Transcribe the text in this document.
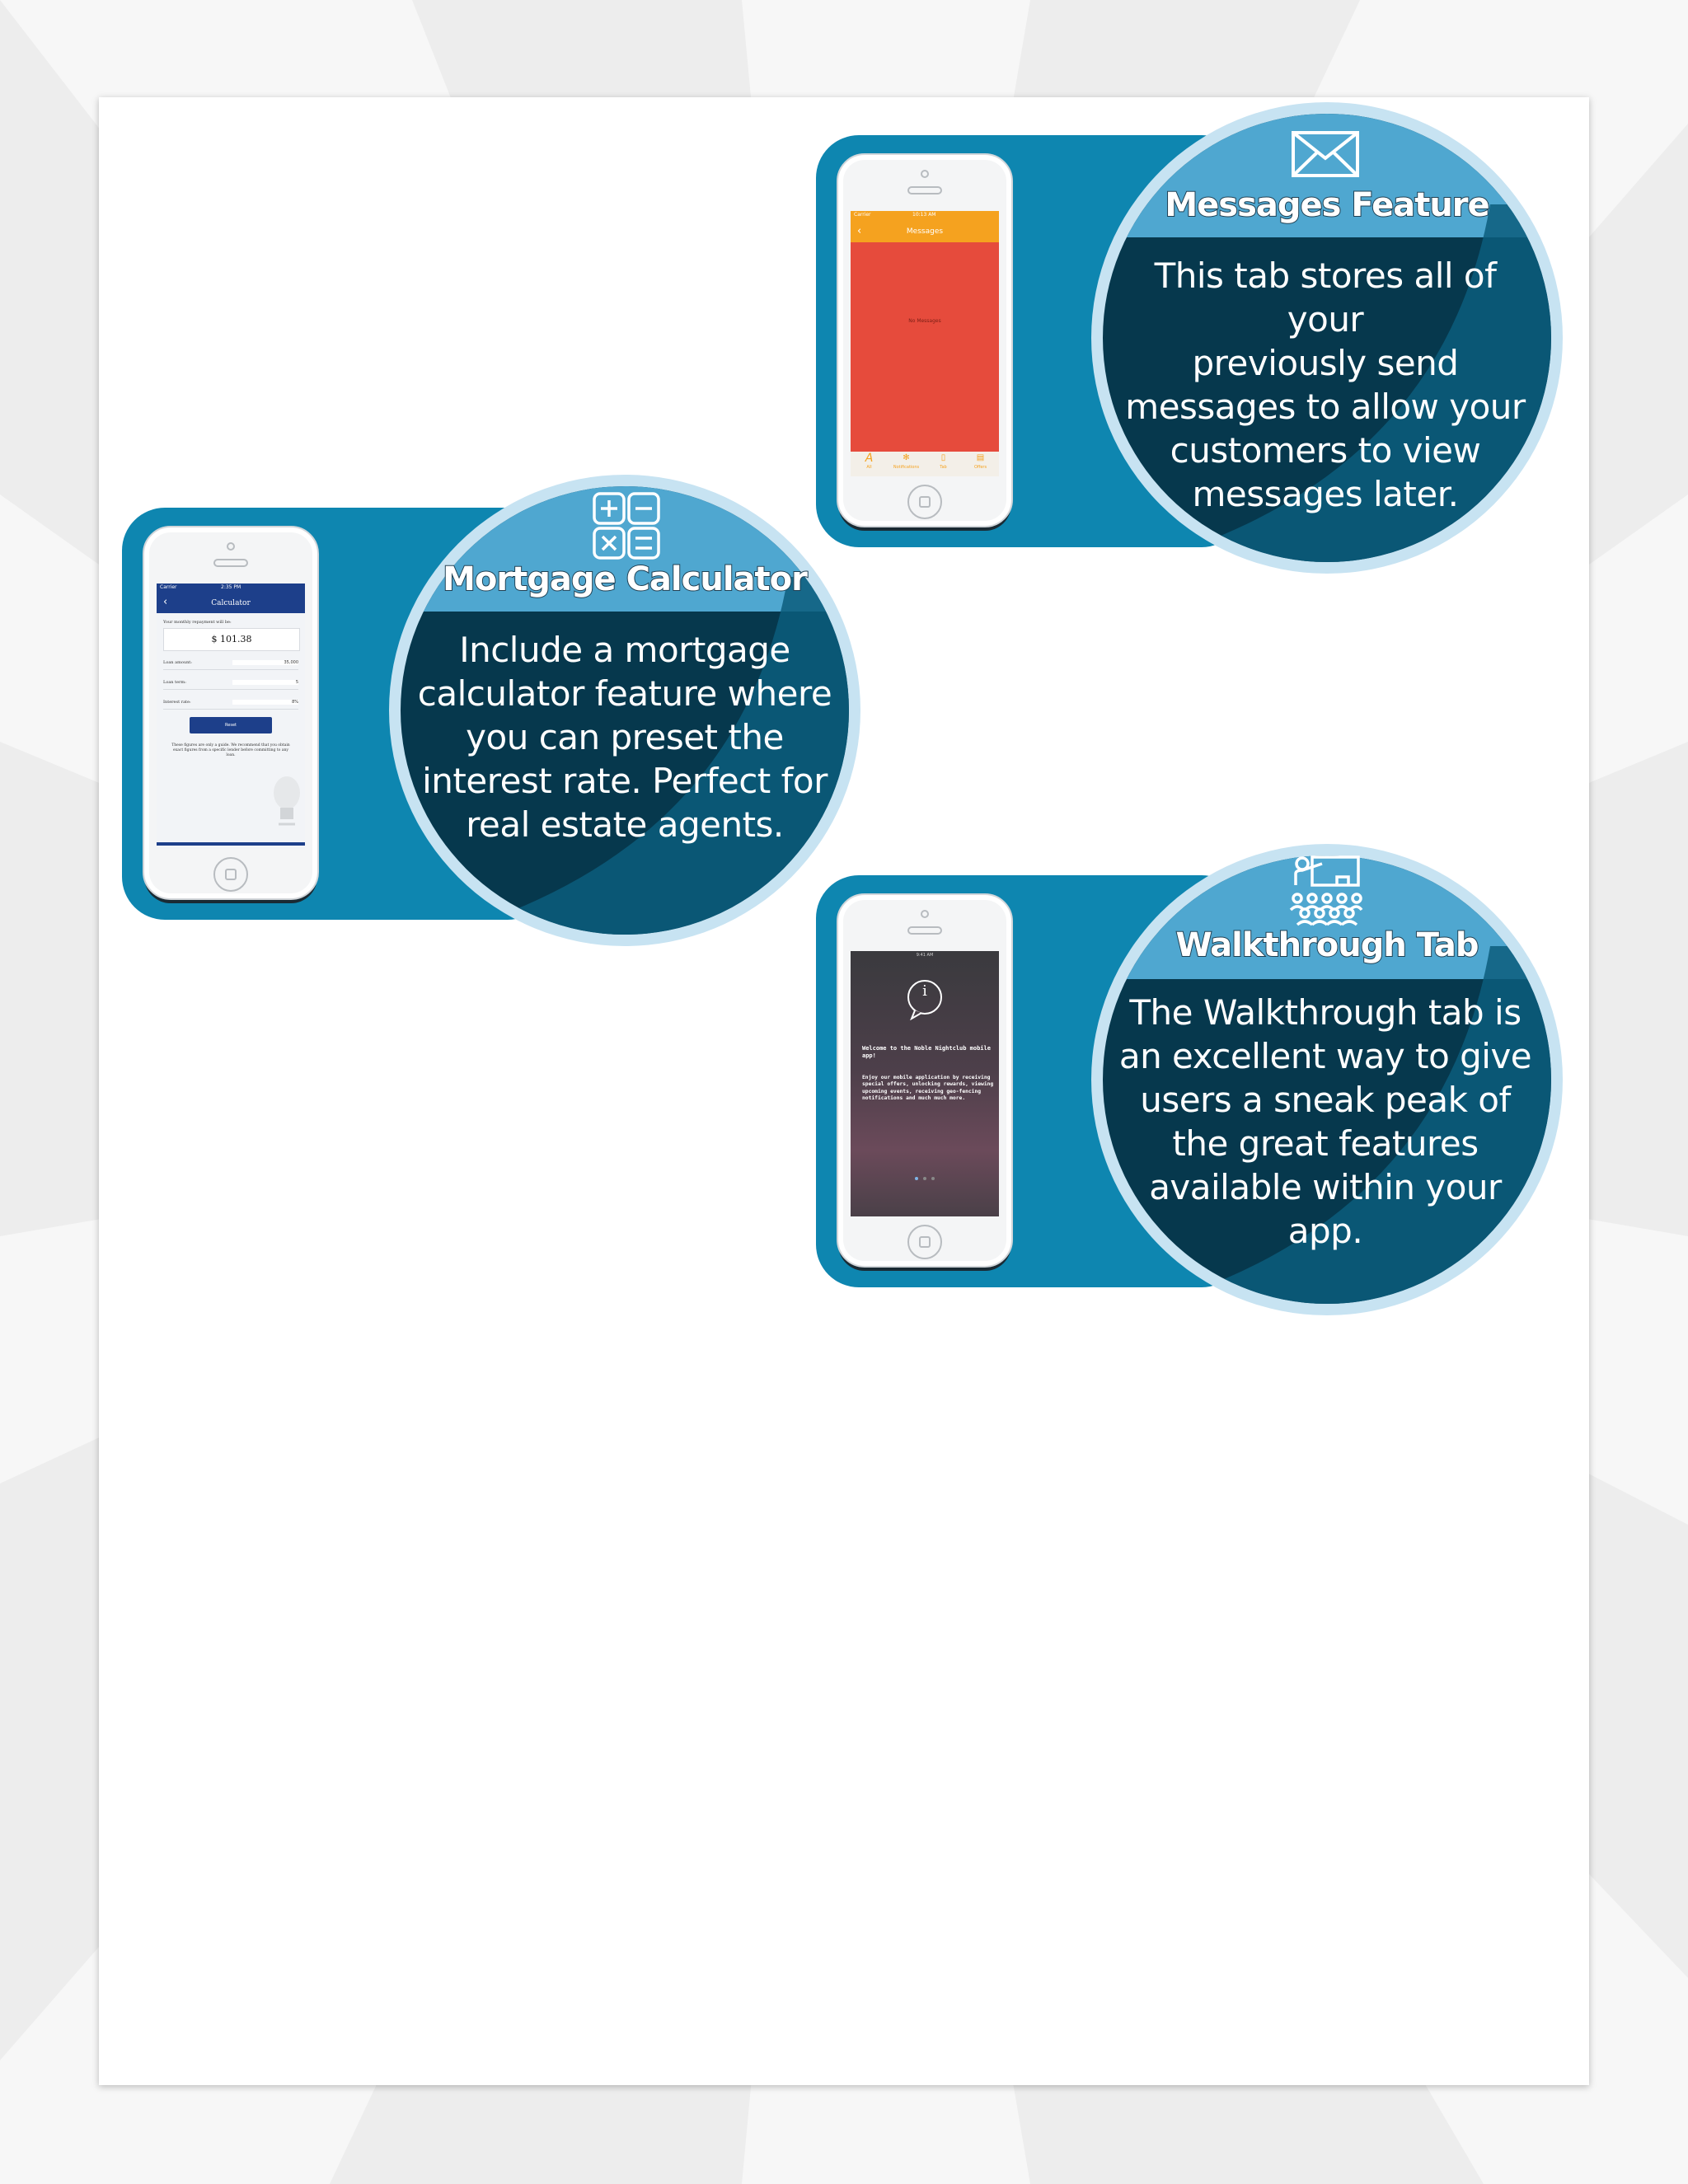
Messages Feature
This tab stores all of your
previously send
messages to allow your
customers to view
messages later.
Carrier	10:13 AM
‹	Messages
No Messages
A
All
✻
Notifications
▯
Tab
▤
Offers
Mortgage Calculator
Include a mortgage
calculator feature where
you can preset the
interest rate. Perfect for
real estate agents.
Carrier	2:35 PM
‹	Calculator
Your monthly repayment will be:
$ 101.38
Loan amount:	35,000
Loan term:	5
Interest rate:	8%
Reset
These figures are only a guide. We recommend that you obtain exact figures from a specific lender before committing to any loan.
Walkthrough Tab
The Walkthrough tab is
an excellent way to give
users a sneak peak of
the great features
available within your
app.
9:41 AM
i
Welcome to the Noble Nightclub mobile app!
Enjoy our mobile application by receiving special offers, unlocking rewards, viewing upcoming events, receiving geo-fencing notifications and much much more.
